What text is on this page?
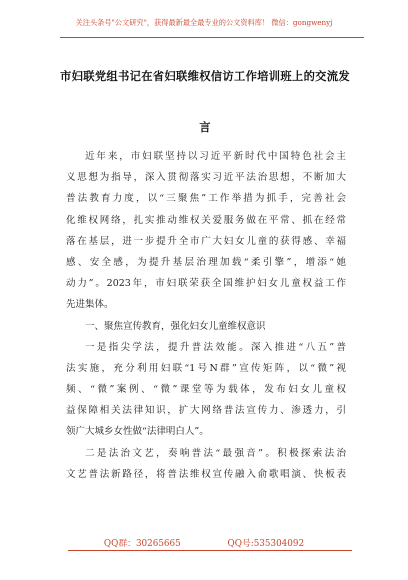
关注头条号"公文研究"，获得最新最全最专业的公文资料库！ 微信：gongwenyj
市妇联党组书记在省妇联维权信访工作培训班上的交流发
言
近年来，市妇联坚持以习近平新时代中国特色社会主
义思想为指导，深入贯彻落实习近平法治思想，不断加大
普法教育力度，以“三聚焦”工作举措为抓手，完善社会
化维权网络，扎实推动维权关爱服务做在平常、抓在经常
落在基层，进一步提升全市广大妇女儿童的获得感、幸福
感、安全感，为提升基层治理加载“柔引擎”，增添“她
动力”。2023年，市妇联荣获全国维护妇女儿童权益工作
先进集体。
一、聚焦宣传教育，强化妇女儿童维权意识
一是指尖学法，提升普法效能。深入推进“八五”普
法实施，充分利用妇联“1号N群”宣传矩阵，以“微”视
频、“微”案例、“微”课堂等为载体，发布妇女儿童权
益保障相关法律知识，扩大网络普法宣传力、渗透力，引
领广大城乡女性做“法律明白人”。
二是法治文艺，奏响普法“最强音”。积极探索法治
文艺普法新路径，将普法维权宣传融入俞歌唱演、快板表
QQ群：30265665	QQ号:535304092
